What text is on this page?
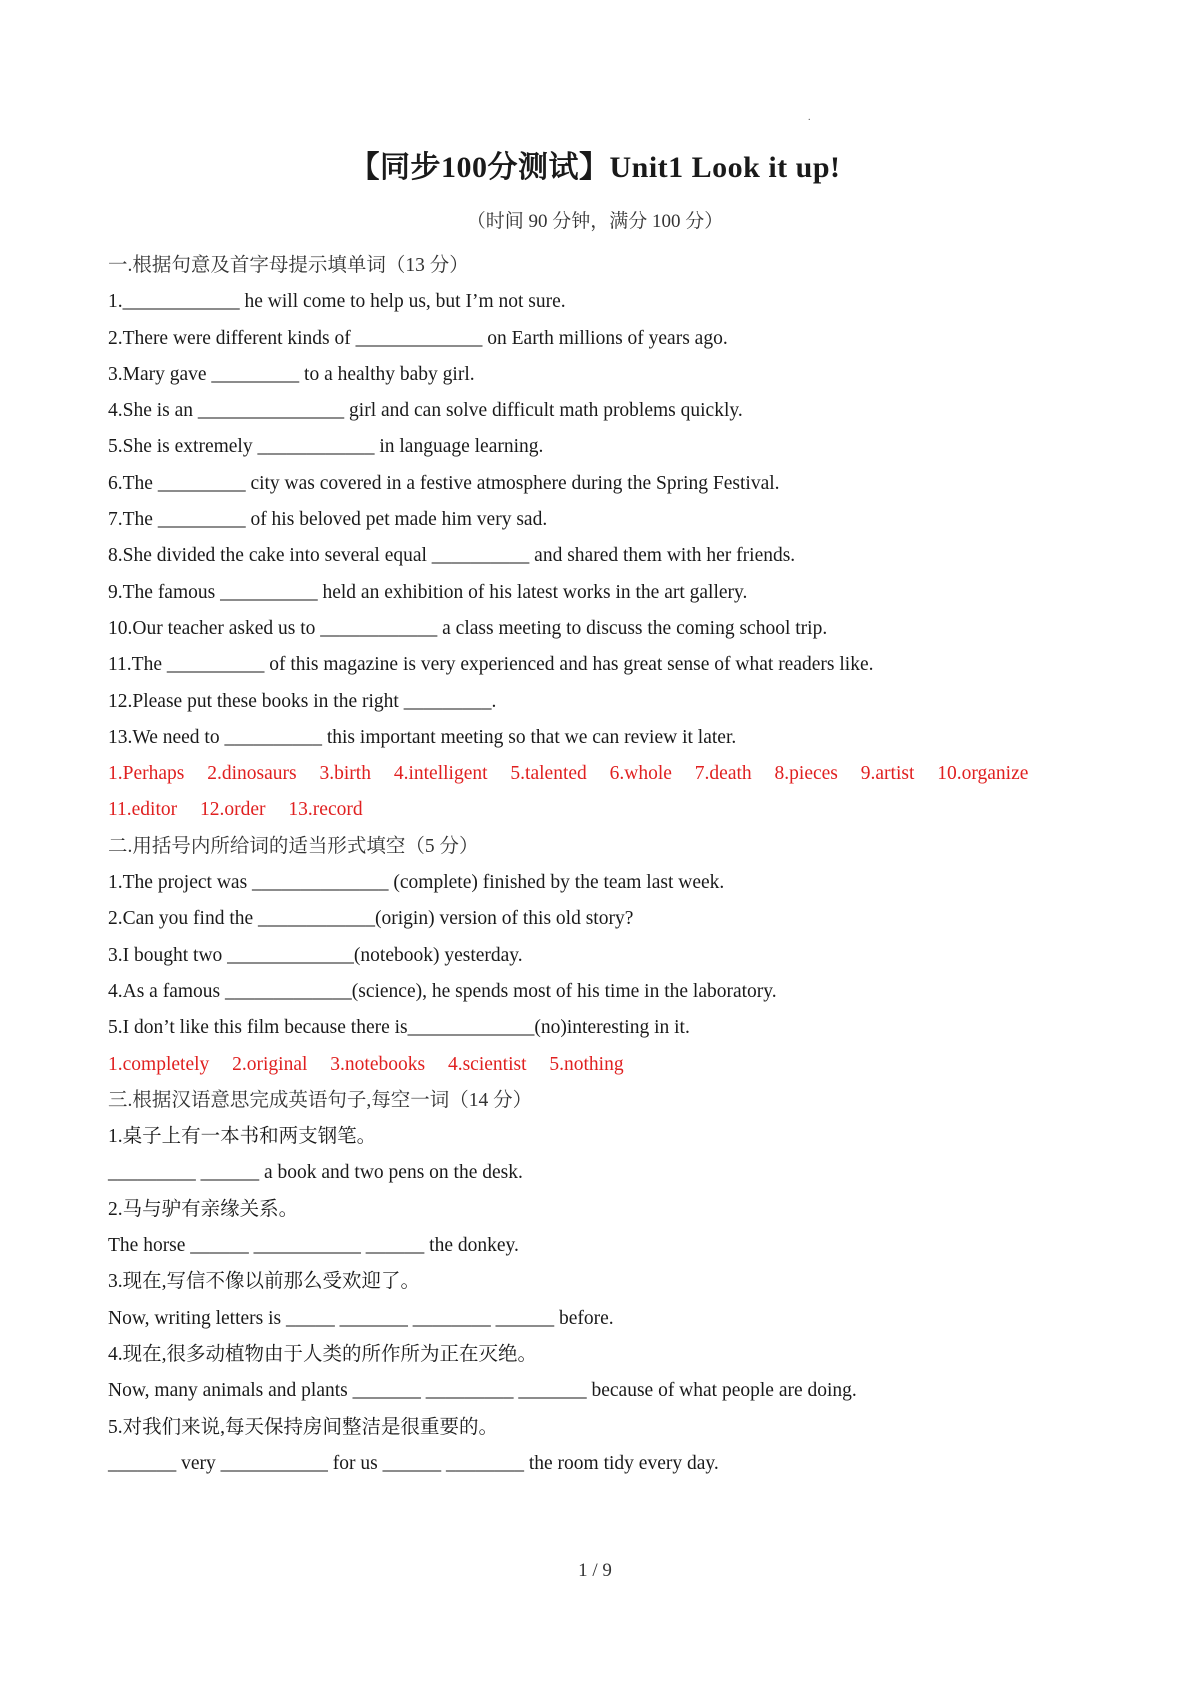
.
【同步100分测试】Unit1 Look it up!
（时间 90 分钟，满分 100 分）
一.根据句意及首字母提示填单词（13 分）
1.____________ he will come to help us, but I’m not sure.
2.There were different kinds of _____________ on Earth millions of years ago.
3.Mary gave _________ to a healthy baby girl.
4.She is an _______________ girl and can solve difficult math problems quickly.
5.She is extremely ____________ in language learning.
6.The _________ city was covered in a festive atmosphere during the Spring Festival.
7.The _________ of his beloved pet made him very sad.
8.She divided the cake into several equal __________ and shared them with her friends.
9.The famous __________ held an exhibition of his latest works in the art gallery.
10.Our teacher asked us to ____________ a class meeting to discuss the coming school trip.
11.The __________ of this magazine is very experienced and has great sense of what readers like.
12.Please put these books in the right _________.
13.We need to __________ this important meeting so that we can review it later.
1.Perhaps 2.dinosaurs 3.birth 4.intelligent 5.talented 6.whole 7.death 8.pieces 9.artist 10.organize
11.editor 12.order 13.record
二.用括号内所给词的适当形式填空（5 分）
1.The project was ______________ (complete) finished by the team last week.
2.Can you find the ____________(origin) version of this old story?
3.I bought two _____________(notebook) yesterday.
4.As a famous _____________(science), he spends most of his time in the laboratory.
5.I don’t like this film because there is_____________(no)interesting in it.
1.completely 2.original 3.notebooks 4.scientist 5.nothing
三.根据汉语意思完成英语句子,每空一词（14 分）
1.桌子上有一本书和两支钢笔。
_________ ______ a book and two pens on the desk.
2.马与驴有亲缘关系。
The horse ______ ___________ ______ the donkey.
3.现在,写信不像以前那么受欢迎了。
Now, writing letters is _____ _______ ________ ______ before.
4.现在,很多动植物由于人类的所作所为正在灭绝。
Now, many animals and plants _______ _________ _______ because of what people are doing.
5.对我们来说,每天保持房间整洁是很重要的。
_______ very ___________ for us ______ ________ the room tidy every day.
1 / 9
